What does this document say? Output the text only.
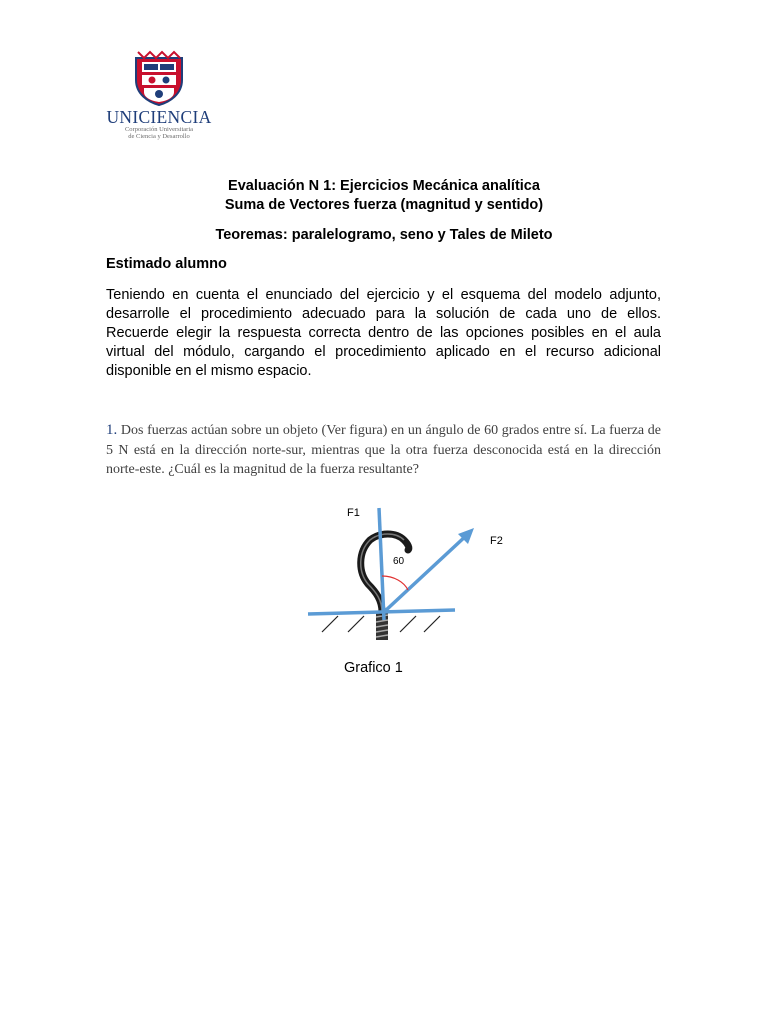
UNICIENCIA
Corporación Universitaria
de Ciencia y Desarrollo
Evaluación N 1: Ejercicios Mecánica analítica
Suma de Vectores fuerza (magnitud y sentido)
Teoremas: paralelogramo, seno y Tales de Mileto
Estimado alumno
Teniendo en cuenta el enunciado del ejercicio y el esquema del modelo adjunto, desarrolle el procedimiento adecuado para la solución de cada uno de ellos. Recuerde elegir la respuesta correcta dentro de las opciones posibles en el aula virtual del módulo, cargando el procedimiento aplicado en el recurso adicional disponible en el mismo espacio.
1. Dos fuerzas actúan sobre un objeto (Ver figura) en un ángulo de 60 grados entre sí. La fuerza de 5 N está en la dirección norte-sur, mientras que la otra fuerza desconocida está en la dirección norte-este. ¿Cuál es la magnitud de la fuerza resultante?
F1
F2
60
Grafico 1
